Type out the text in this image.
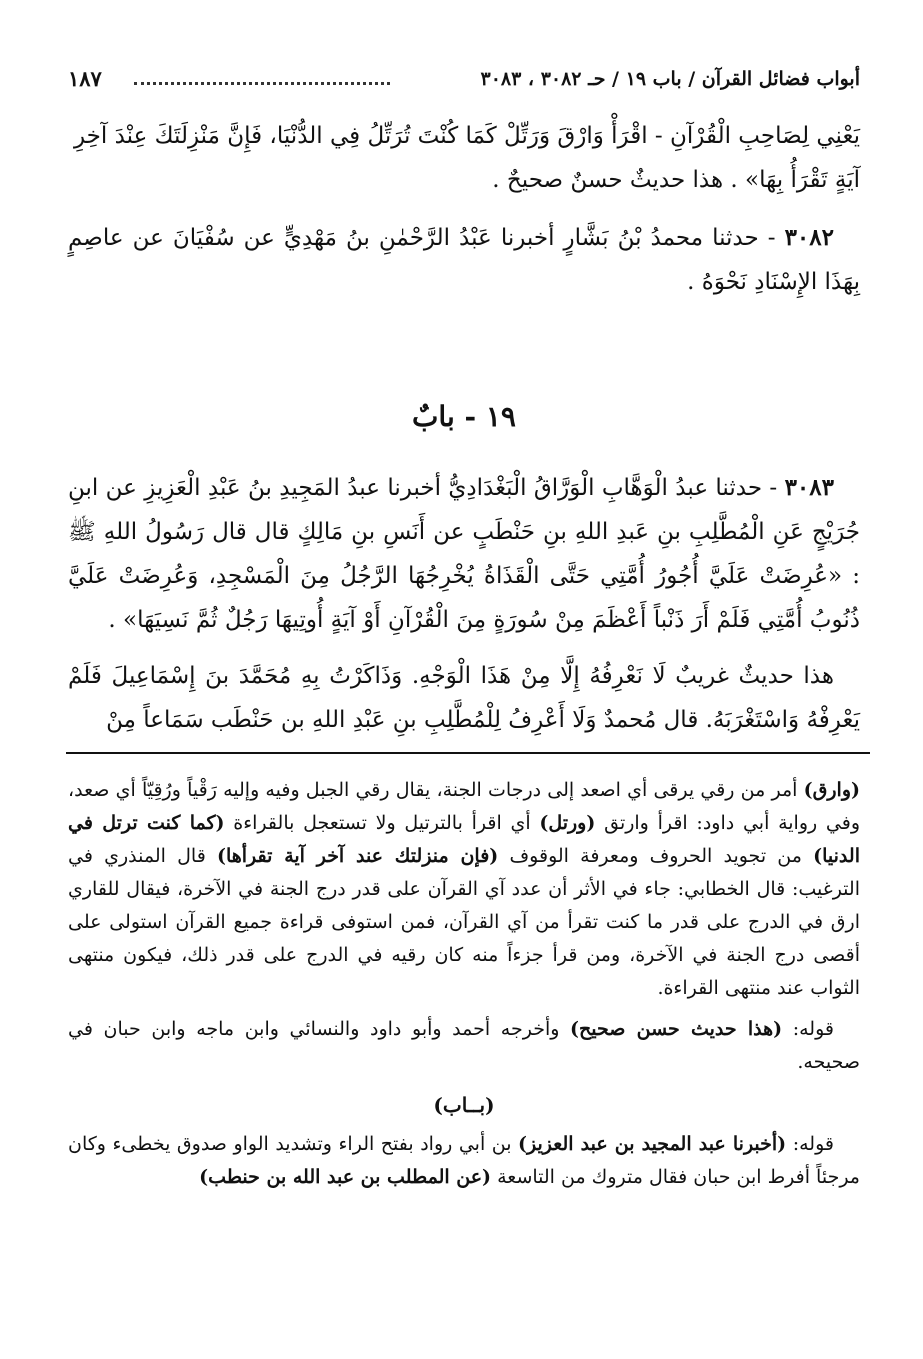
أبواب فضائل القرآن / باب ١٩ / حـ ٣٠٨٢ ، ٣٠٨٣
١٨٧

يَعْنِي لِصَاحِبِ الْقُرْآنِ - اقْرَأْ وَارْقَ وَرَتِّلْ كَمَا كُنْتَ تُرَتِّلُ فِي الدُّنْيَا، فَإِنَّ مَنْزِلَتَكَ عِنْدَ آخِرِ

آيَةٍ تَقْرَأُ بِهَا» . هذا حديثٌ حسنٌ صحيحٌ .

٣٠٨٢ - حدثنا محمدُ بْنُ بَشَّارٍ أخبرنا عَبْدُ الرَّحْمٰنِ بنُ مَهْدِيٍّ عن سُفْيَانَ عن عاصِمٍ بِهَذَا الإِسْنَادِ نَحْوَهُ .

١٩ - بابٌ

٣٠٨٣ - حدثنا عبدُ الْوَهَّابِ الْوَرَّاقُ الْبَغْدَادِيُّ أخبرنا عبدُ المَجِيدِ بنُ عَبْدِ الْعَزِيزِ عن ابنِ جُرَيْجٍ عَنِ الْمُطَّلِبِ بنِ عَبدِ اللهِ بنِ حَنْطَبٍ عن أَنَسِ بنِ مَالِكٍ قال قال رَسُولُ اللهِ ﷺ : «عُرِضَتْ عَلَيَّ أُجُورُ أُمَّتِي حَتَّى الْقَذَاةُ يُخْرِجُهَا الرَّجُلُ مِنَ الْمَسْجِدِ، وَعُرِضَتْ عَلَيَّ ذُنُوبُ أُمَّتِي فَلَمْ أَرَ ذَنْباً أَعْظَمَ مِنْ سُورَةٍ مِنَ الْقُرْآنِ أَوْ آيَةٍ أُوتِيهَا رَجُلٌ ثُمَّ نَسِيَهَا» .

هذا حديثٌ غريبٌ لَا نَعْرِفُهُ إِلَّا مِنْ هَذَا الْوَجْهِ. وَذَاكَرْتُ بِهِ مُحَمَّدَ بنَ إِسْمَاعِيلَ فَلَمْ يَعْرِفْهُ وَاسْتَغْرَبَهُ. قال مُحمدٌ وَلَا أَعْرِفُ لِلْمُطَّلِبِ بنِ عَبْدِ اللهِ بن حَنْطَب سَمَاعاً مِنْ

(وارق) أمر من رقي يرقى أي اصعد إلى درجات الجنة، يقال رقي الجبل وفيه وإليه رَقْياً ورُقِيّاً أي صعد، وفي رواية أبي داود: اقرأ وارتق (ورتل) أي اقرأ بالترتيل ولا تستعجل بالقراءة (كما كنت ترتل في الدنيا) من تجويد الحروف ومعرفة الوقوف (فإن منزلتك عند آخر آية تقرأها) قال المنذري في الترغيب: قال الخطابي: جاء في الأثر أن عدد آي القرآن على قدر درج الجنة في الآخرة، فيقال للقاري ارق في الدرج على قدر ما كنت تقرأ من آي القرآن، فمن استوفى قراءة جميع القرآن استولى على أقصى درج الجنة في الآخرة، ومن قرأ جزءاً منه كان رقيه في الدرج على قدر ذلك، فيكون منتهى الثواب عند منتهى القراءة.

قوله: (هذا حديث حسن صحيح) وأخرجه أحمد وأبو داود والنسائي وابن ماجه وابن حبان في صحيحه.

(بــاب)

قوله: (أخبرنا عبد المجيد بن عبد العزيز) بن أبي رواد بفتح الراء وتشديد الواو صدوق يخطىء وكان مرجئاً أفرط ابن حبان فقال متروك من التاسعة (عن المطلب بن عبد الله بن حنطب)
